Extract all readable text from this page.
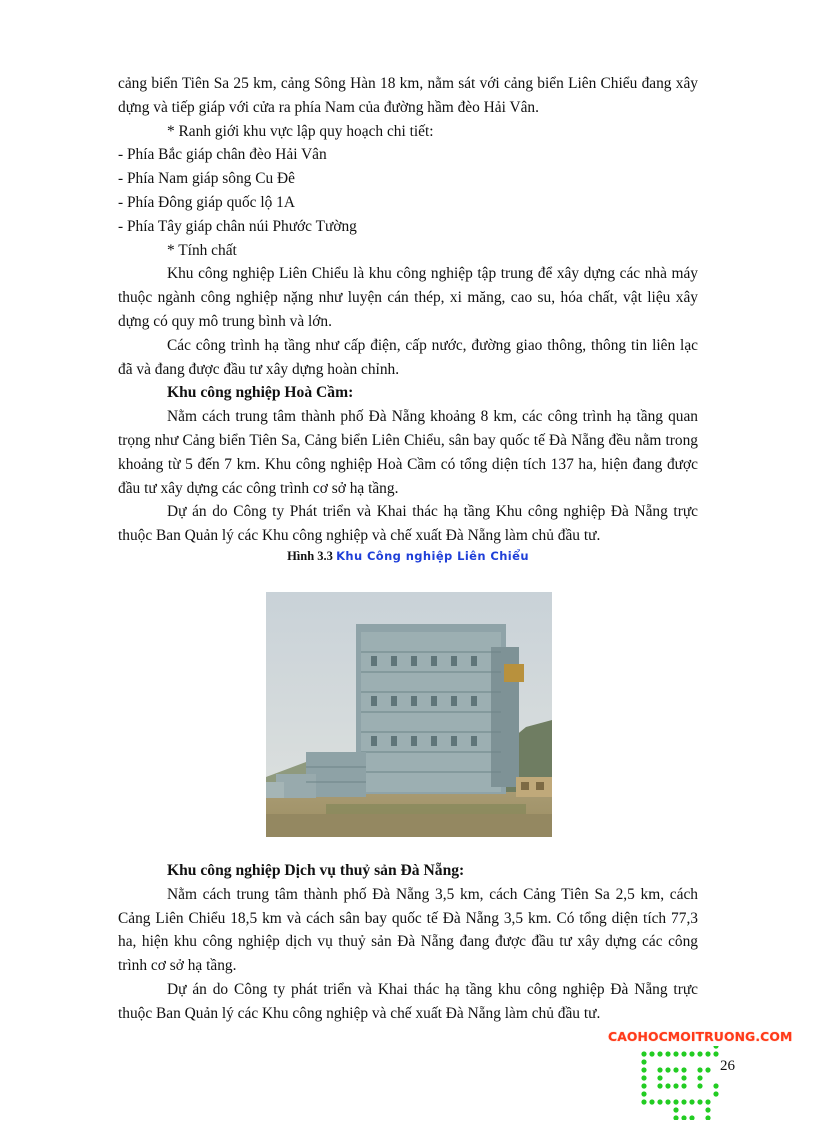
cảng biển Tiên Sa 25 km, cảng Sông Hàn 18 km, nằm sát với cảng biển Liên Chiểu đang xây dựng và tiếp giáp với cửa ra phía Nam của đường hầm đèo Hải Vân.

* Ranh giới khu vực lập quy hoạch chi tiết:

- Phía Bắc giáp chân đèo Hải Vân

- Phía Nam giáp sông Cu Đê

- Phía Đông giáp quốc lộ 1A

- Phía Tây giáp chân núi Phước Tường

* Tính chất

Khu công nghiệp Liên Chiểu là khu công nghiệp tập trung để xây dựng các nhà máy thuộc ngành công nghiệp nặng như luyện cán thép, xi măng, cao su, hóa chất, vật liệu xây dựng có quy mô trung bình và lớn.

Các công trình hạ tầng như cấp điện, cấp nước, đường giao thông, thông tin liên lạc đã và đang được đầu tư xây dựng hoàn chỉnh.

Khu công nghiệp Hoà Cầm:

Nằm cách trung tâm thành phố Đà Nẵng khoảng 8 km, các công trình hạ tầng quan trọng như Cảng biển Tiên Sa, Cảng biển Liên Chiểu, sân bay quốc tế Đà Nẵng đều nằm trong khoảng từ 5 đến 7 km. Khu công nghiệp Hoà Cầm có tổng diện tích 137 ha, hiện đang được đầu tư xây dựng các công trình cơ sở hạ tầng.

Dự án do Công ty Phát triển và Khai thác hạ tầng Khu công nghiệp Đà Nẵng trực thuộc Ban Quản lý các Khu công nghiệp và chế xuất Đà Nẵng làm chủ đầu tư.

Hình 3.3 Khu Công nghiệp Liên Chiểu

Khu công nghiệp Dịch vụ thuỷ sản Đà Nẵng:

Nằm cách trung tâm thành phố Đà Nẵng 3,5 km, cách Cảng Tiên Sa 2,5 km, cách Cảng Liên Chiểu 18,5 km và cách sân bay quốc tế Đà Nẵng 3,5 km. Có tổng diện tích 77,3 ha, hiện khu công nghiệp dịch vụ thuỷ sản Đà Nẵng đang được đầu tư xây dựng các công trình cơ sở hạ tầng.

Dự án do Công ty phát triển và Khai thác hạ tầng khu công nghiệp Đà Nẵng trực thuộc Ban Quản lý các Khu công nghiệp và chế xuất Đà Nẵng làm chủ đầu tư.

CAOHOCMOITRUONG.COM
26
